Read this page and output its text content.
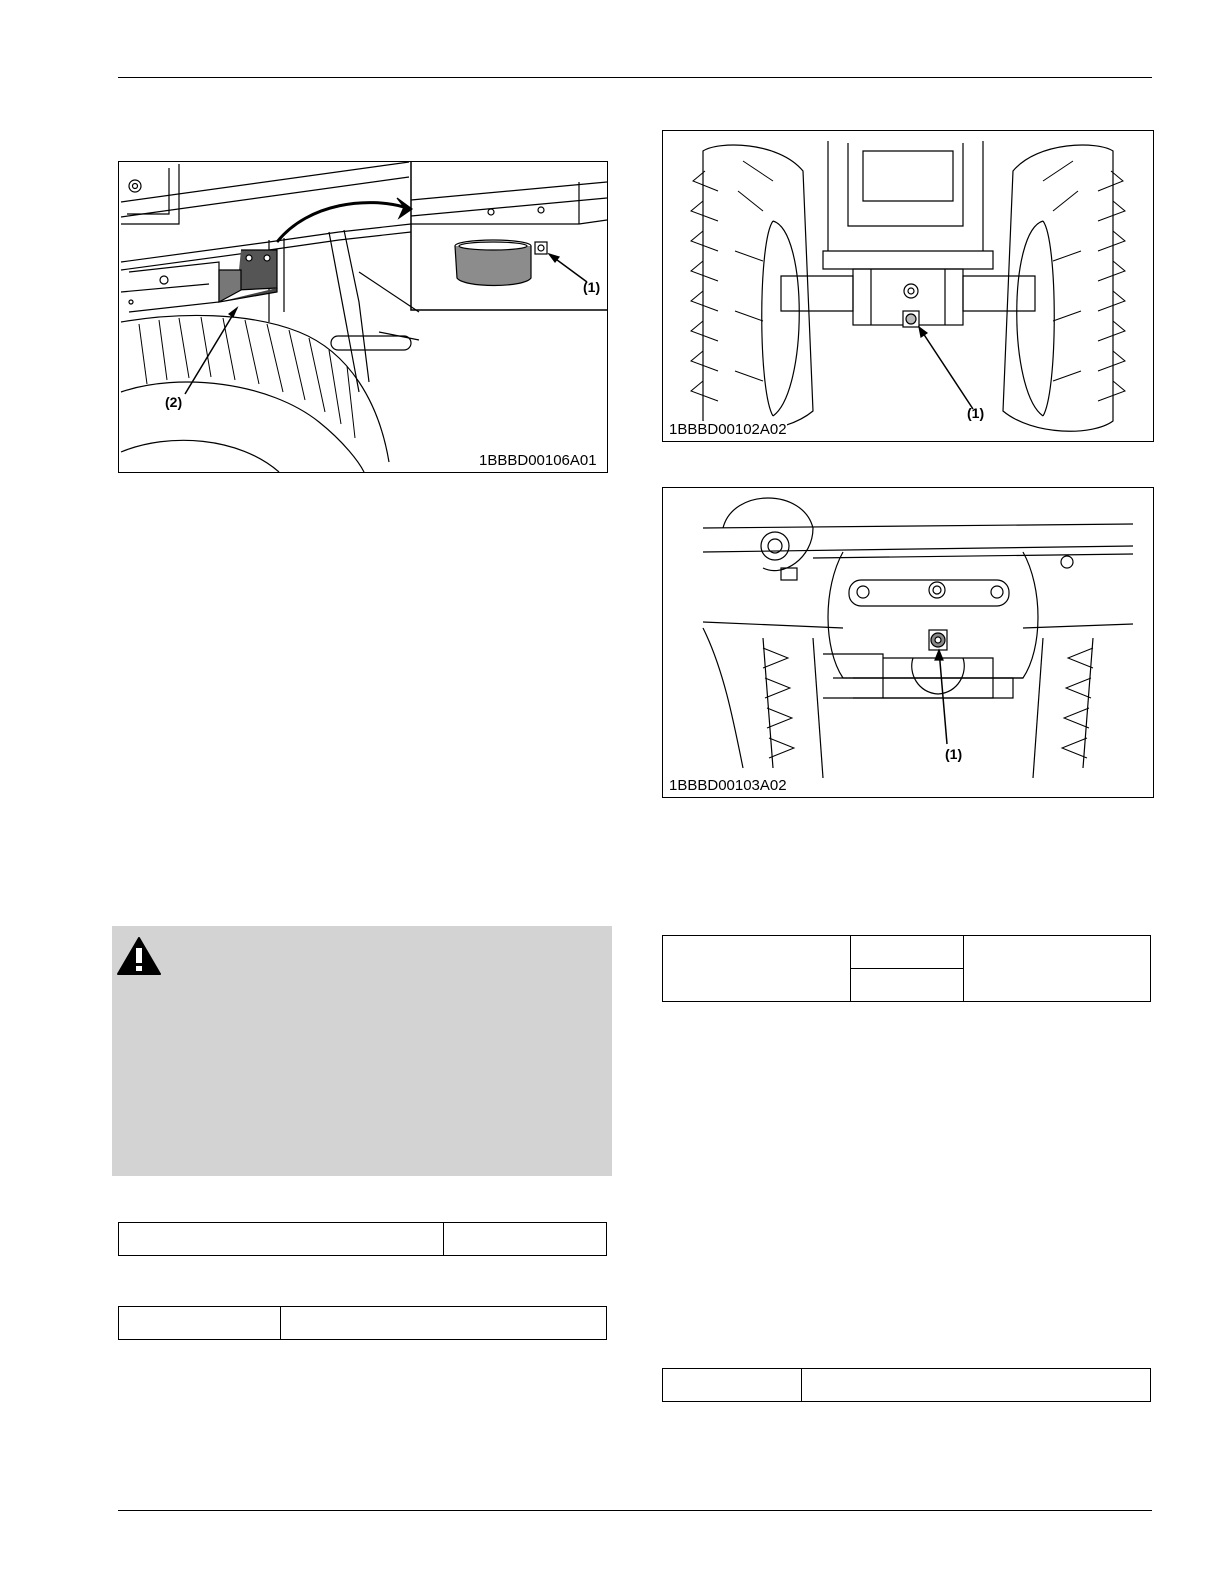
(1)
(2)
1BBBD00106A01
(1)
1BBBD00102A02
(1)
1BBBD00103A02
